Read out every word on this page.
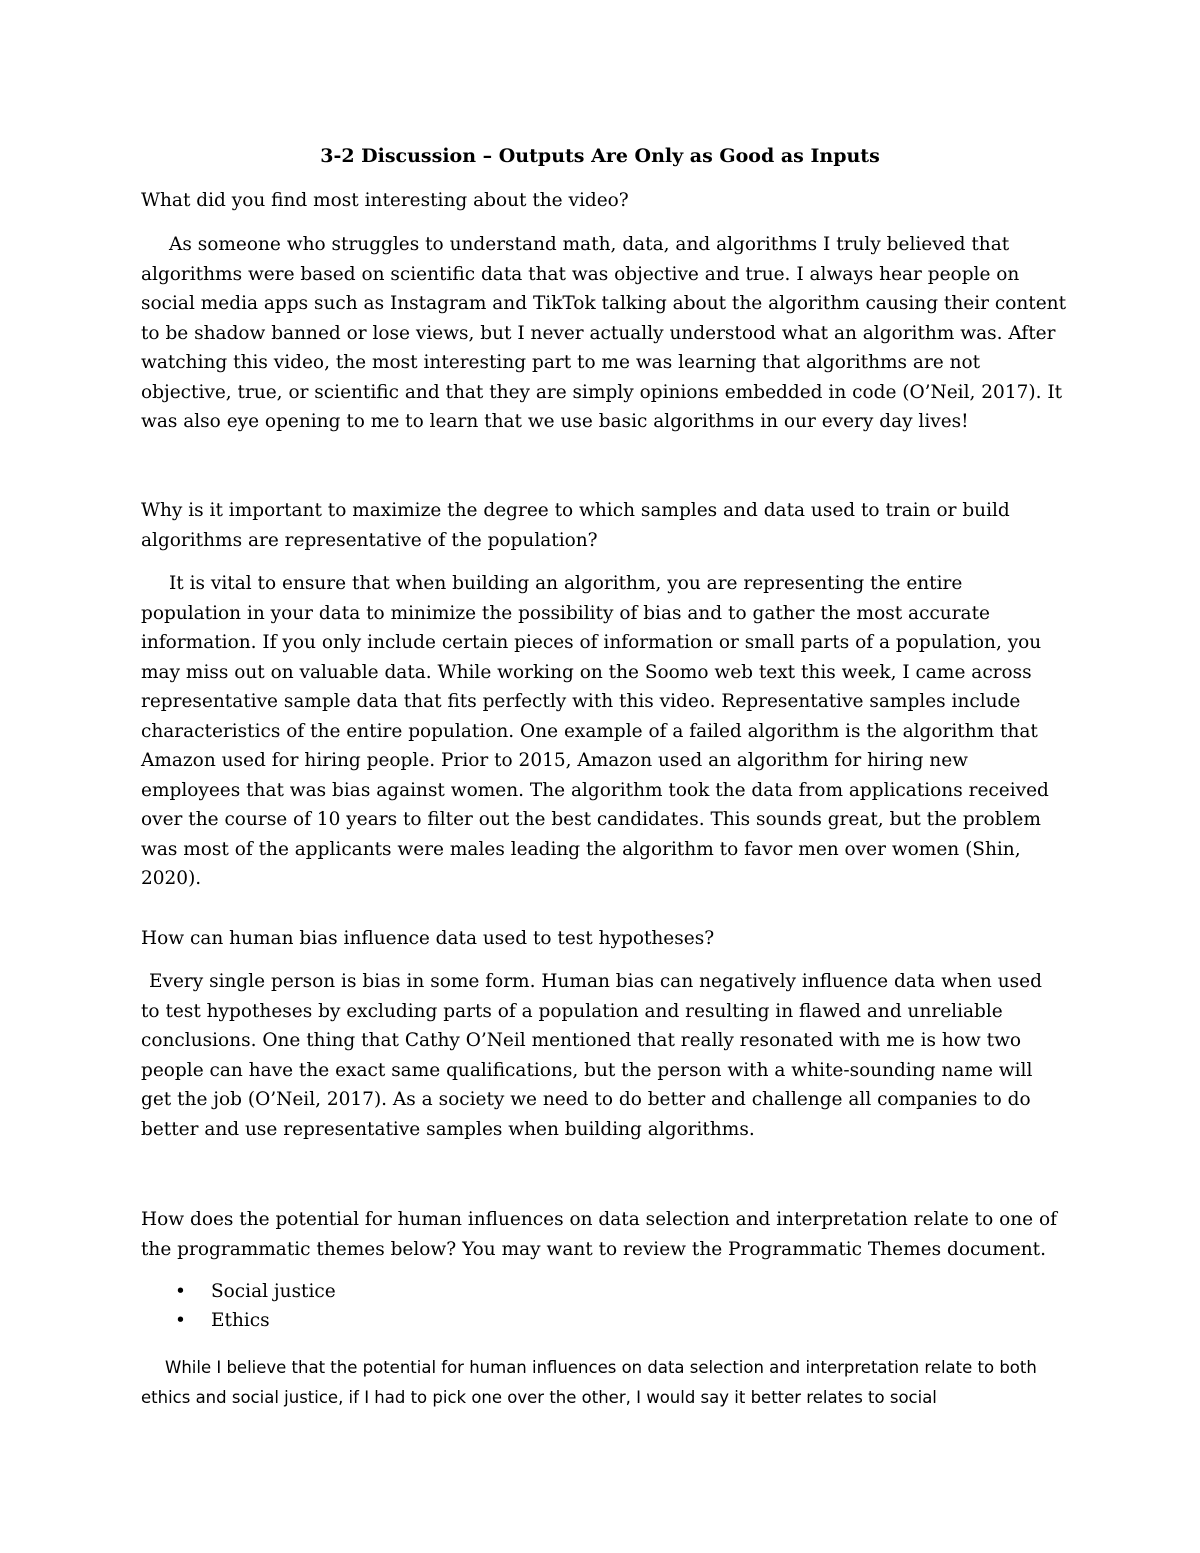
3-2 Discussion – Outputs Are Only as Good as Inputs

What did you find most interesting about the video?

As someone who struggles to understand math, data, and algorithms I truly believed that algorithms were based on scientific data that was objective and true. I always hear people on social media apps such as Instagram and TikTok talking about the algorithm causing their content to be shadow banned or lose views, but I never actually understood what an algorithm was. After watching this video, the most interesting part to me was learning that algorithms are not objective, true, or scientific and that they are simply opinions embedded in code (O’Neil, 2017). It was also eye opening to me to learn that we use basic algorithms in our every day lives!

Why is it important to maximize the degree to which samples and data used to train or build algorithms are representative of the population?

It is vital to ensure that when building an algorithm, you are representing the entire population in your data to minimize the possibility of bias and to gather the most accurate information. If you only include certain pieces of information or small parts of a population, you may miss out on valuable data. While working on the Soomo web text this week, I came across representative sample data that fits perfectly with this video. Representative samples include characteristics of the entire population. One example of a failed algorithm is the algorithm that Amazon used for hiring people. Prior to 2015, Amazon used an algorithm for hiring new employees that was bias against women. The algorithm took the data from applications received over the course of 10 years to filter out the best candidates. This sounds great, but the problem was most of the applicants were males leading the algorithm to favor men over women (Shin, 2020).

How can human bias influence data used to test hypotheses?

Every single person is bias in some form. Human bias can negatively influence data when used to test hypotheses by excluding parts of a population and resulting in flawed and unreliable conclusions. One thing that Cathy O’Neil mentioned that really resonated with me is how two people can have the exact same qualifications, but the person with a white-sounding name will get the job (O’Neil, 2017). As a society we need to do better and challenge all companies to do better and use representative samples when building algorithms.

How does the potential for human influences on data selection and interpretation relate to one of the programmatic themes below? You may want to review the Programmatic Themes document.

• Social justice
• Ethics

While I believe that the potential for human influences on data selection and interpretation relate to both ethics and social justice, if I had to pick one over the other, I would say it better relates to social
